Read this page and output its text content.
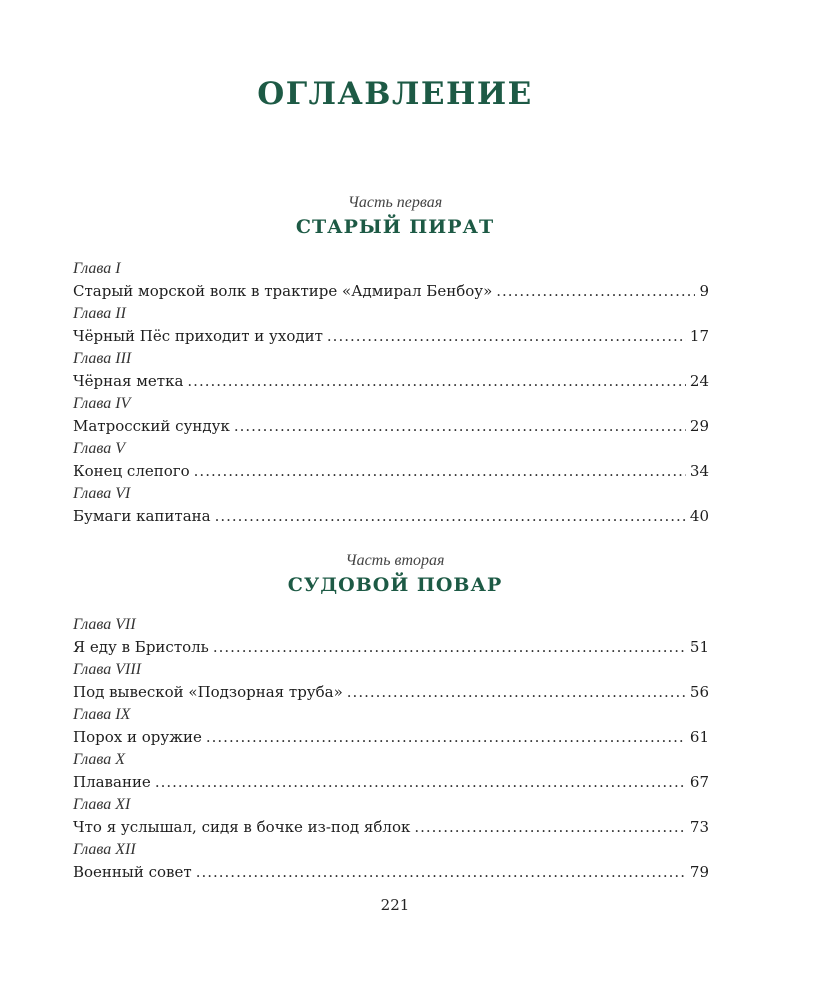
ОГЛАВЛЕНИЕ
Часть первая
СТАРЫЙ ПИРАТ
Глава I
Старый морской волк в трактире «Адмирал Бенбоу» .....	9
Глава II
Чёрный Пёс приходит и уходит .....	17
Глава III
Чёрная метка .....	24
Глава IV
Матросский сундук .....	29
Глава V
Конец слепого .....	34
Глава VI
Бумаги капитана .....	40
Часть вторая
СУДОВОЙ ПОВАР
Глава VII
Я еду в Бристоль .....	51
Глава VIII
Под вывеской «Подзорная труба» .....	56
Глава IX
Порох и оружие .....	61
Глава X
Плавание .....	67
Глава XI
Что я услышал, сидя в бочке из-под яблок .....	73
Глава XII
Военный совет .....	79
221
